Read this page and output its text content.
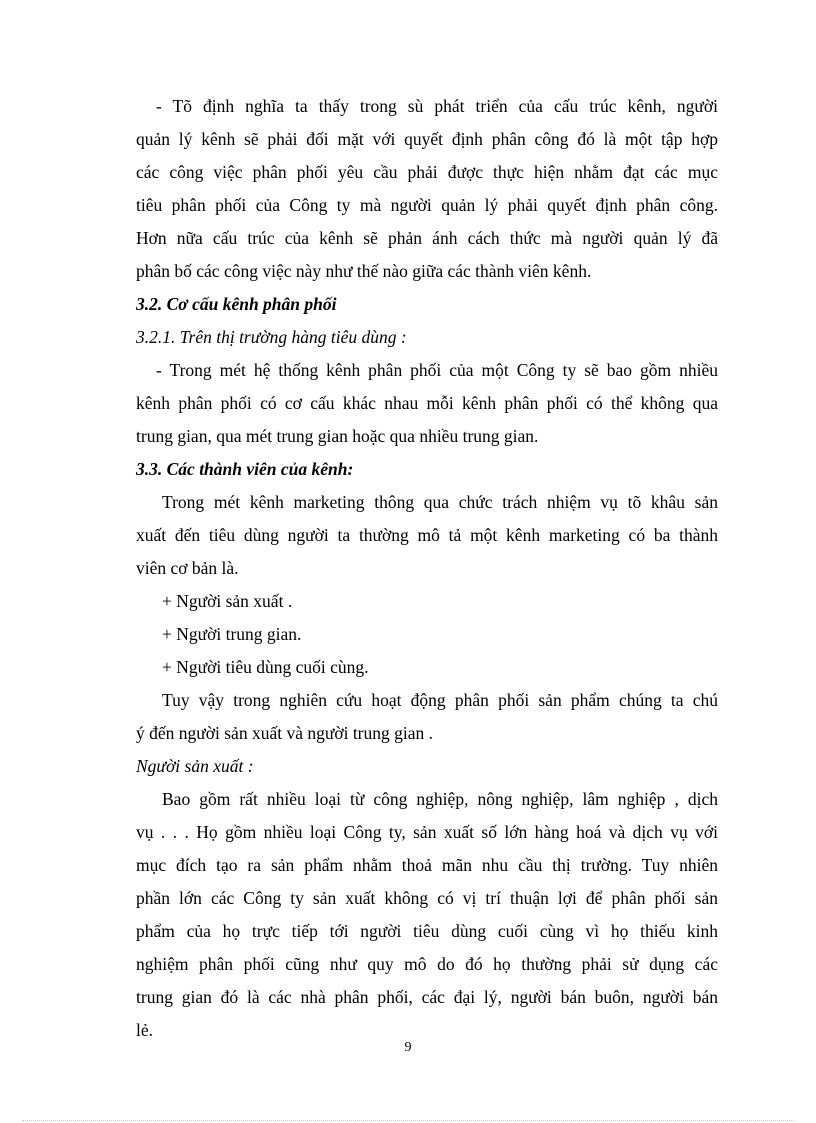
- Tõ định nghĩa ta thấy trong sù phát triển của cấu trúc kênh, người
quản lý kênh sẽ phải đối mặt với quyết định phân công đó là một tập hợp
các công việc phân phối yêu cầu phải được thực hiện nhằm đạt các mục
tiêu phân phối của Công ty mà người quản lý phải quyết định phân công.
Hơn nữa cấu trúc của kênh sẽ phản ánh cách thức mà người quản lý đã
phân bố các công việc này như thế nào giữa các thành viên kênh.
3.2. Cơ cấu kênh phân phối
3.2.1. Trên thị trường hàng tiêu dùng :
- Trong mét hệ thống kênh phân phối của một Công ty sẽ bao gồm nhiều
kênh phân phối có cơ cấu khác nhau mỗi kênh phân phối có thể không qua
trung gian, qua mét trung gian hoặc qua nhiều trung gian.
3.3. Các thành viên của kênh:
Trong mét kênh marketing thông qua chức trách nhiệm vụ tõ khâu sản
xuất đến tiêu dùng người ta thường mô tả một kênh marketing có ba thành
viên cơ bản là.
+ Người sản xuất .
+ Người trung gian.
+ Người tiêu dùng cuối cùng.
Tuy vậy trong nghiên cứu hoạt động phân phối sản phẩm chúng ta chú
ý đến người sản xuất và người trung gian .
Người sản xuất :
Bao gồm rất nhiều loại từ công nghiệp, nông nghiệp, lâm nghiệp , dịch
vụ . . . Họ gồm nhiều loại Công ty, sản xuất số lớn hàng hoá và dịch vụ với
mục đích tạo ra sản phẩm nhằm thoả mãn nhu cầu thị trường. Tuy nhiên
phần lớn các Công ty sản xuất không có vị trí thuận lợi để phân phối sản
phẩm của họ trực tiếp tới người tiêu dùng cuối cùng vì họ thiếu kinh
nghiệm phân phối cũng như quy mô do đó họ thường phải sử dụng các
trung gian đó là các nhà phân phối, các đại lý, người bán buôn, người bán
lẻ.
9
